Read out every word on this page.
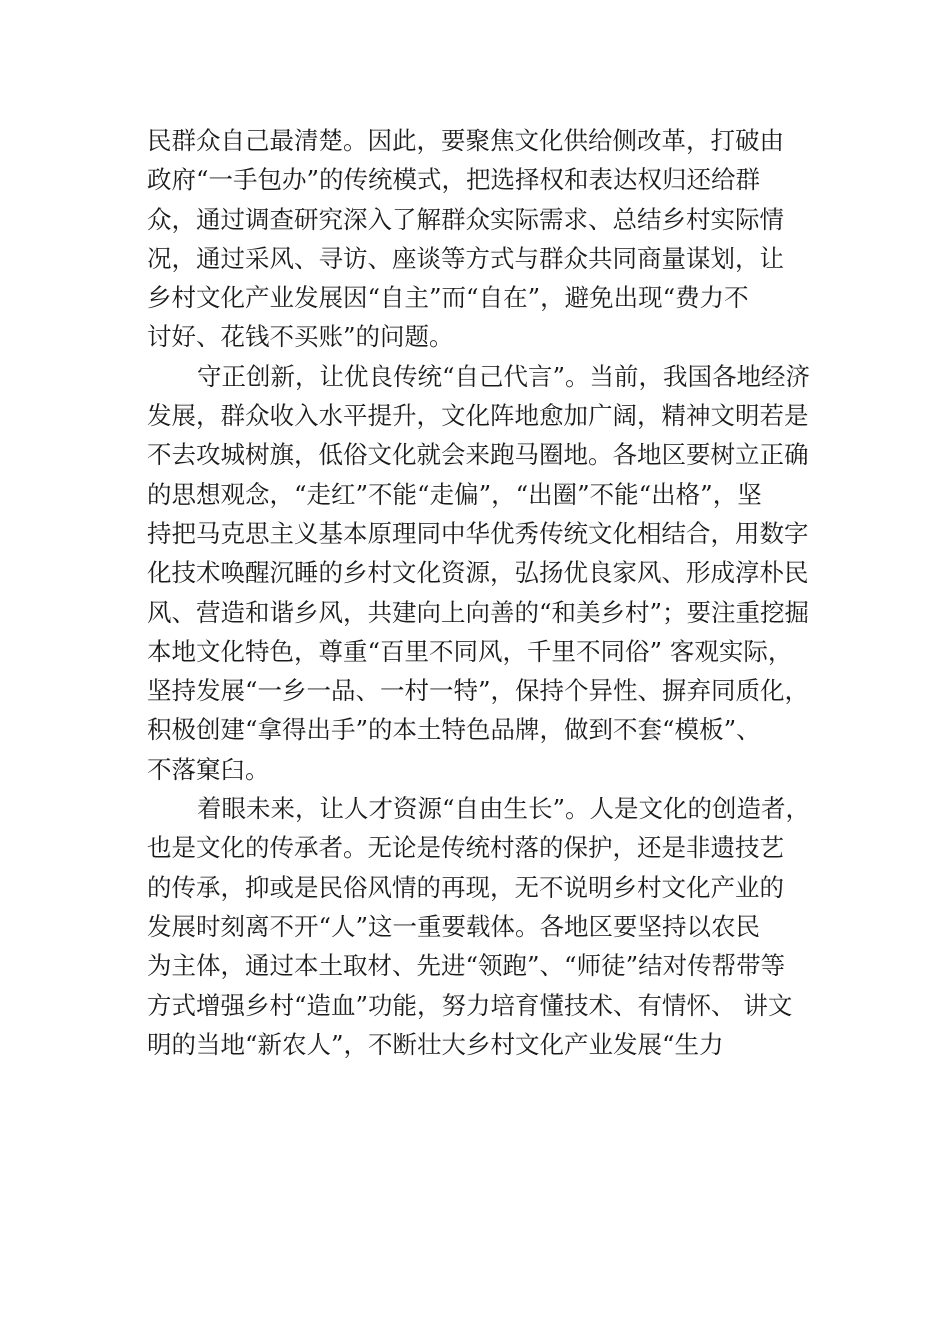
民群众自己最清楚。因此，要聚焦文化供给侧改革，打破由
政府“一手包办”的传统模式，把选择权和表达权归还给群
众，通过调查研究深入了解群众实际需求、总结乡村实际情
况，通过采风、寻访、座谈等方式与群众共同商量谋划，让
乡村文化产业发展因“自主”而“自在”，避免出现“费力不
讨好、花钱不买账”的问题。
守正创新，让优良传统“自己代言”。当前，我国各地经济
发展，群众收入水平提升，文化阵地愈加广阔，精神文明若是
不去攻城树旗，低俗文化就会来跑马圈地。各地区要树立正确
的思想观念，“走红”不能“走偏”，“出圈”不能“出格”，坚
持把马克思主义基本原理同中华优秀传统文化相结合，用数字
化技术唤醒沉睡的乡村文化资源，弘扬优良家风、形成淳朴民
风、营造和谐乡风，共建向上向善的“和美乡村”；要注重挖掘
本地文化特色，尊重“百里不同风，千里不同俗” 客观实际，
坚持发展“一乡一品、一村一特”，保持个异性、摒弃同质化，
积极创建“拿得出手”的本土特色品牌，做到不套“模板”、
不落窠臼。
着眼未来，让人才资源“自由生长”。人是文化的创造者，
也是文化的传承者。无论是传统村落的保护，还是非遗技艺
的传承，抑或是民俗风情的再现，无不说明乡村文化产业的
发展时刻离不开“人”这一重要载体。各地区要坚持以农民
为主体，通过本土取材、先进“领跑”、“师徒”结对传帮带等
方式增强乡村“造血”功能，努力培育懂技术、有情怀、 讲文
明的当地“新农人”，不断壮大乡村文化产业发展“生力
